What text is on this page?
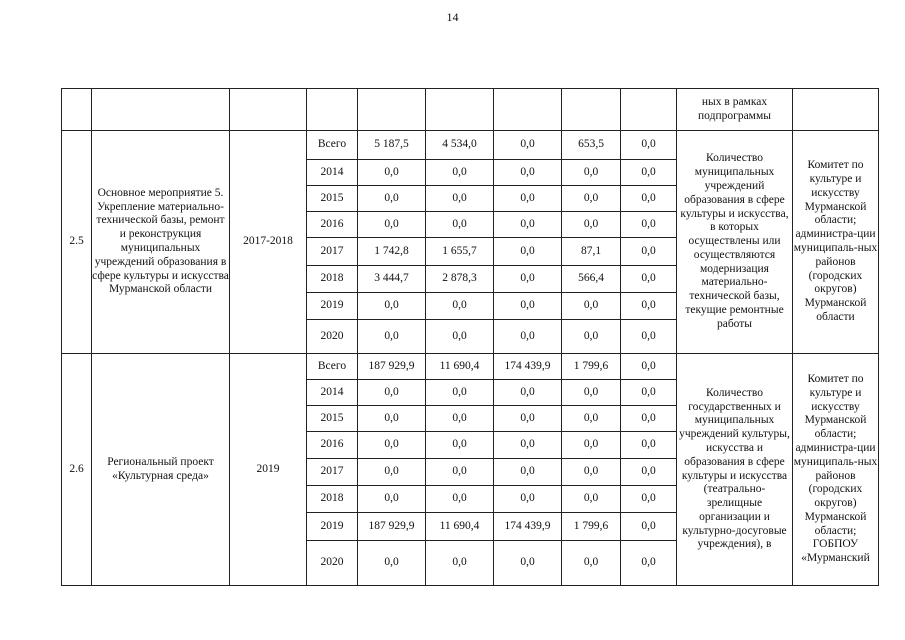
14
									ных в рамках подпрограммы	
2.5	Основное мероприятие 5. Укрепление материально-технической базы, ремонт и реконструкция муниципальных учреждений образования в сфере культуры и искусства Мурманской области	2017-2018	Всего	5 187,5	4 534,0	0,0	653,5	0,0	Количество муниципальных учреждений образования в сфере культуры и искусства, в которых осуществлены или осуществляются модернизация материально-технической базы, текущие ремонтные работы	Комитет по культуре и искусству Мурманской области; администра-ции муниципаль-ных районов (городских округов) Мурманской области
			2014	0,0	0,0	0,0	0,0	0,0		
			2015	0,0	0,0	0,0	0,0	0,0		
			2016	0,0	0,0	0,0	0,0	0,0		
			2017	1 742,8	1 655,7	0,0	87,1	0,0		
			2018	3 444,7	2 878,3	0,0	566,4	0,0		
			2019	0,0	0,0	0,0	0,0	0,0		
			2020	0,0	0,0	0,0	0,0	0,0		
2.6	Региональный проект «Культурная среда»	2019	Всего	187 929,9	11 690,4	174 439,9	1 799,6	0,0	Количество государственных и муниципальных учреждений культуры, искусства и образования в сфере культуры и искусства (театрально-зрелищные организации и культурно-досуговые учреждения), в	Комитет по культуре и искусству Мурманской области; администра-ции муниципаль-ных районов (городских округов) Мурманской области; ГОБПОУ «Мурманский
			2014	0,0	0,0	0,0	0,0	0,0		
			2015	0,0	0,0	0,0	0,0	0,0		
			2016	0,0	0,0	0,0	0,0	0,0		
			2017	0,0	0,0	0,0	0,0	0,0		
			2018	0,0	0,0	0,0	0,0	0,0		
			2019	187 929,9	11 690,4	174 439,9	1 799,6	0,0		
			2020	0,0	0,0	0,0	0,0	0,0		
